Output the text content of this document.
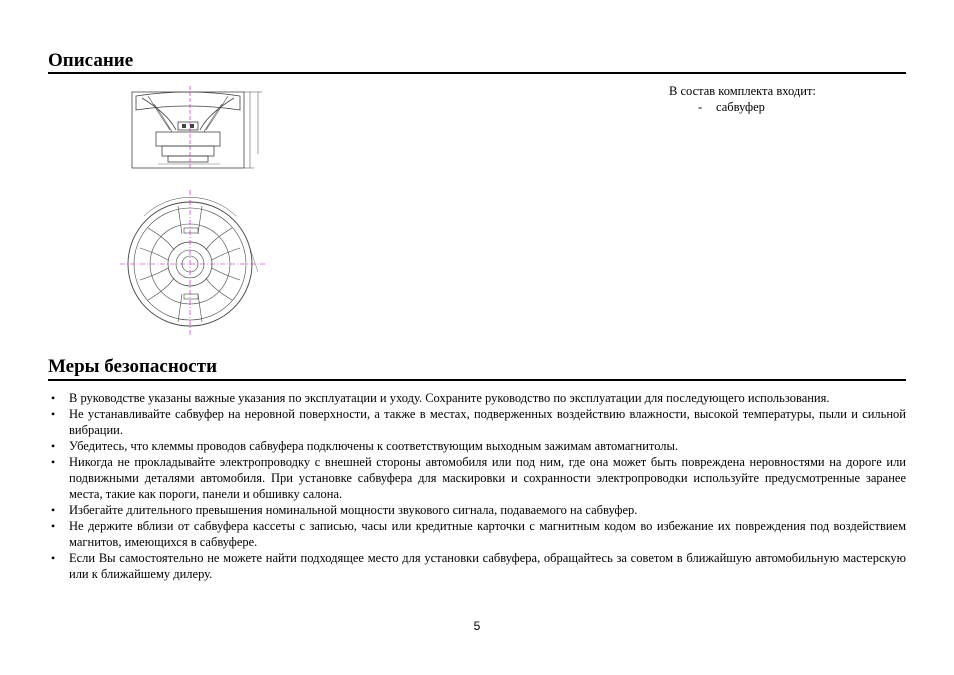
Описание
В состав комплекта входит:
-	сабвуфер
Меры безопасности
• В руководстве указаны важные указания по эксплуатации и уходу. Сохраните руководство по эксплуатации для последующего использования.
• Не устанавливайте сабвуфер на неровной поверхности, а также в местах, подверженных воздействию влажности, высокой температуры, пыли и сильной вибрации.
• Убедитесь, что клеммы проводов сабвуфера подключены к соответствующим выходным зажимам автомагнитолы.
• Никогда не прокладывайте электропроводку с внешней стороны автомобиля или под ним, где она может быть повреждена неровностями на дороге или подвижными деталями автомобиля. При установке сабвуфера для маскировки и сохранности электропроводки используйте предусмотренные заранее места, такие как пороги, панели и обшивку салона.
• Избегайте длительного превышения номинальной мощности звукового сигнала, подаваемого на сабвуфер.
• Не держите вблизи от сабвуфера кассеты с записью, часы или кредитные карточки с магнитным кодом во избежание их повреждения под воздействием магнитов, имеющихся в сабвуфере.
• Если Вы самостоятельно не можете найти подходящее место для установки сабвуфера, обращайтесь за советом в ближайшую автомобильную мастерскую или к ближайшему дилеру.
5
